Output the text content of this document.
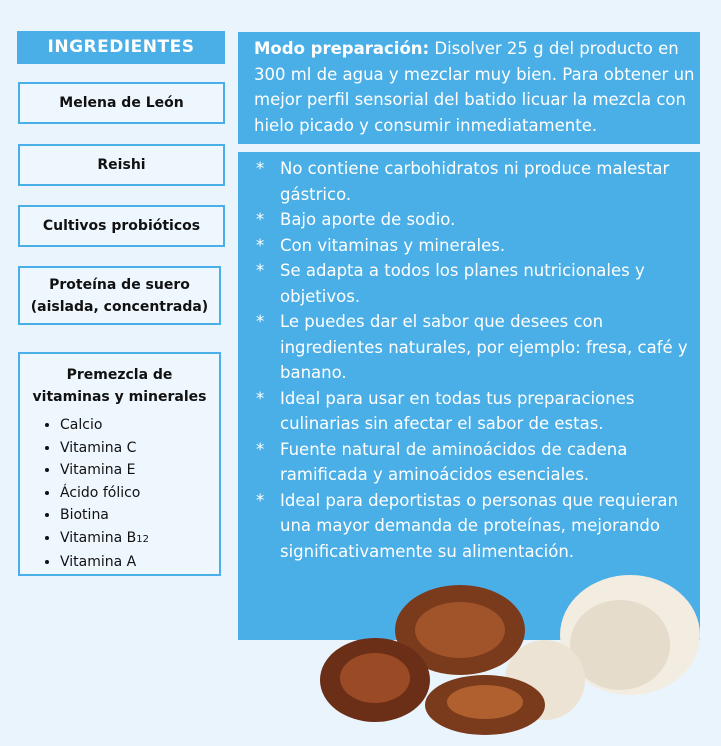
INGREDIENTES
Melena de León
Reishi
Cultivos probióticos
Proteína de suero (aislada, concentrada)
Premezcla de vitaminas y minerales
• Calcio
• Vitamina C
• Vitamina E
• Ácido fólico
• Biotina
• Vitamina B12
• Vitamina A
Modo preparación: Disolver 25 g del producto en 300 ml de agua y mezclar muy bien. Para obtener un mejor perfil sensorial del batido licuar la mezcla con hielo picado y consumir inmediatamente.
* No contiene carbohidratos ni produce malestar gástrico.
* Bajo aporte de sodio.
* Con vitaminas y minerales.
* Se adapta a todos los planes nutricionales y objetivos.
* Le puedes dar el sabor que desees con ingredientes naturales, por ejemplo: fresa, café y banano.
* Ideal para usar en todas tus preparaciones culinarias sin afectar el sabor de estas.
* Fuente natural de aminoácidos de cadena ramificada y aminoácidos esenciales.
* Ideal para deportistas o personas que requieran una mayor demanda de proteínas, mejorando significativamente su alimentación.
